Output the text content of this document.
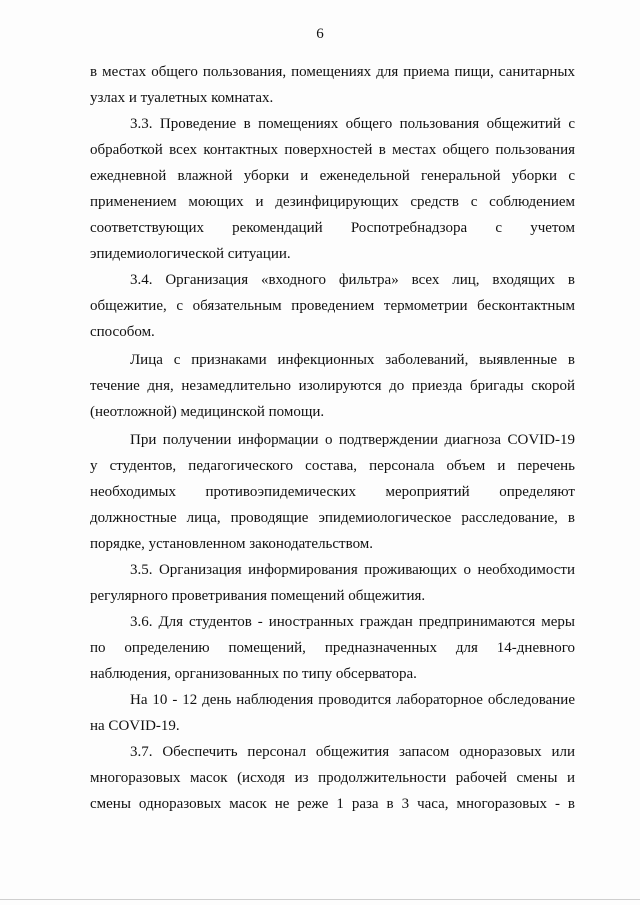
6
в местах общего пользования, помещениях для приема пищи, санитарных
узлах и туалетных комнатах.
3.3. Проведение в помещениях общего пользования общежитий с
обработкой всех контактных поверхностей в местах общего пользования
ежедневной влажной уборки и еженедельной генеральной уборки с
применением моющих и дезинфицирующих средств с соблюдением
соответствующих рекомендаций Роспотребнадзора с учетом
эпидемиологической ситуации.
3.4. Организация «входного фильтра» всех лиц, входящих в
общежитие, с обязательным проведением термометрии бесконтактным
способом.
Лица с признаками инфекционных заболеваний, выявленные в
течение дня, незамедлительно изолируются до приезда бригады скорой
(неотложной) медицинской помощи.
При получении информации о подтверждении диагноза COVID-19
у студентов, педагогического состава, персонала объем и перечень
необходимых противоэпидемических мероприятий определяют
должностные лица, проводящие эпидемиологическое расследование, в
порядке, установленном законодательством.
3.5. Организация информирования проживающих о необходимости
регулярного проветривания помещений общежития.
3.6. Для студентов - иностранных граждан предпринимаются меры
по определению помещений, предназначенных для 14-дневного
наблюдения, организованных по типу обсерватора.
На 10 - 12 день наблюдения проводится лабораторное обследование
на COVID-19.
3.7. Обеспечить персонал общежития запасом одноразовых или
многоразовых масок (исходя из продолжительности рабочей смены и
смены одноразовых масок не реже 1 раза в 3 часа, многоразовых - в
